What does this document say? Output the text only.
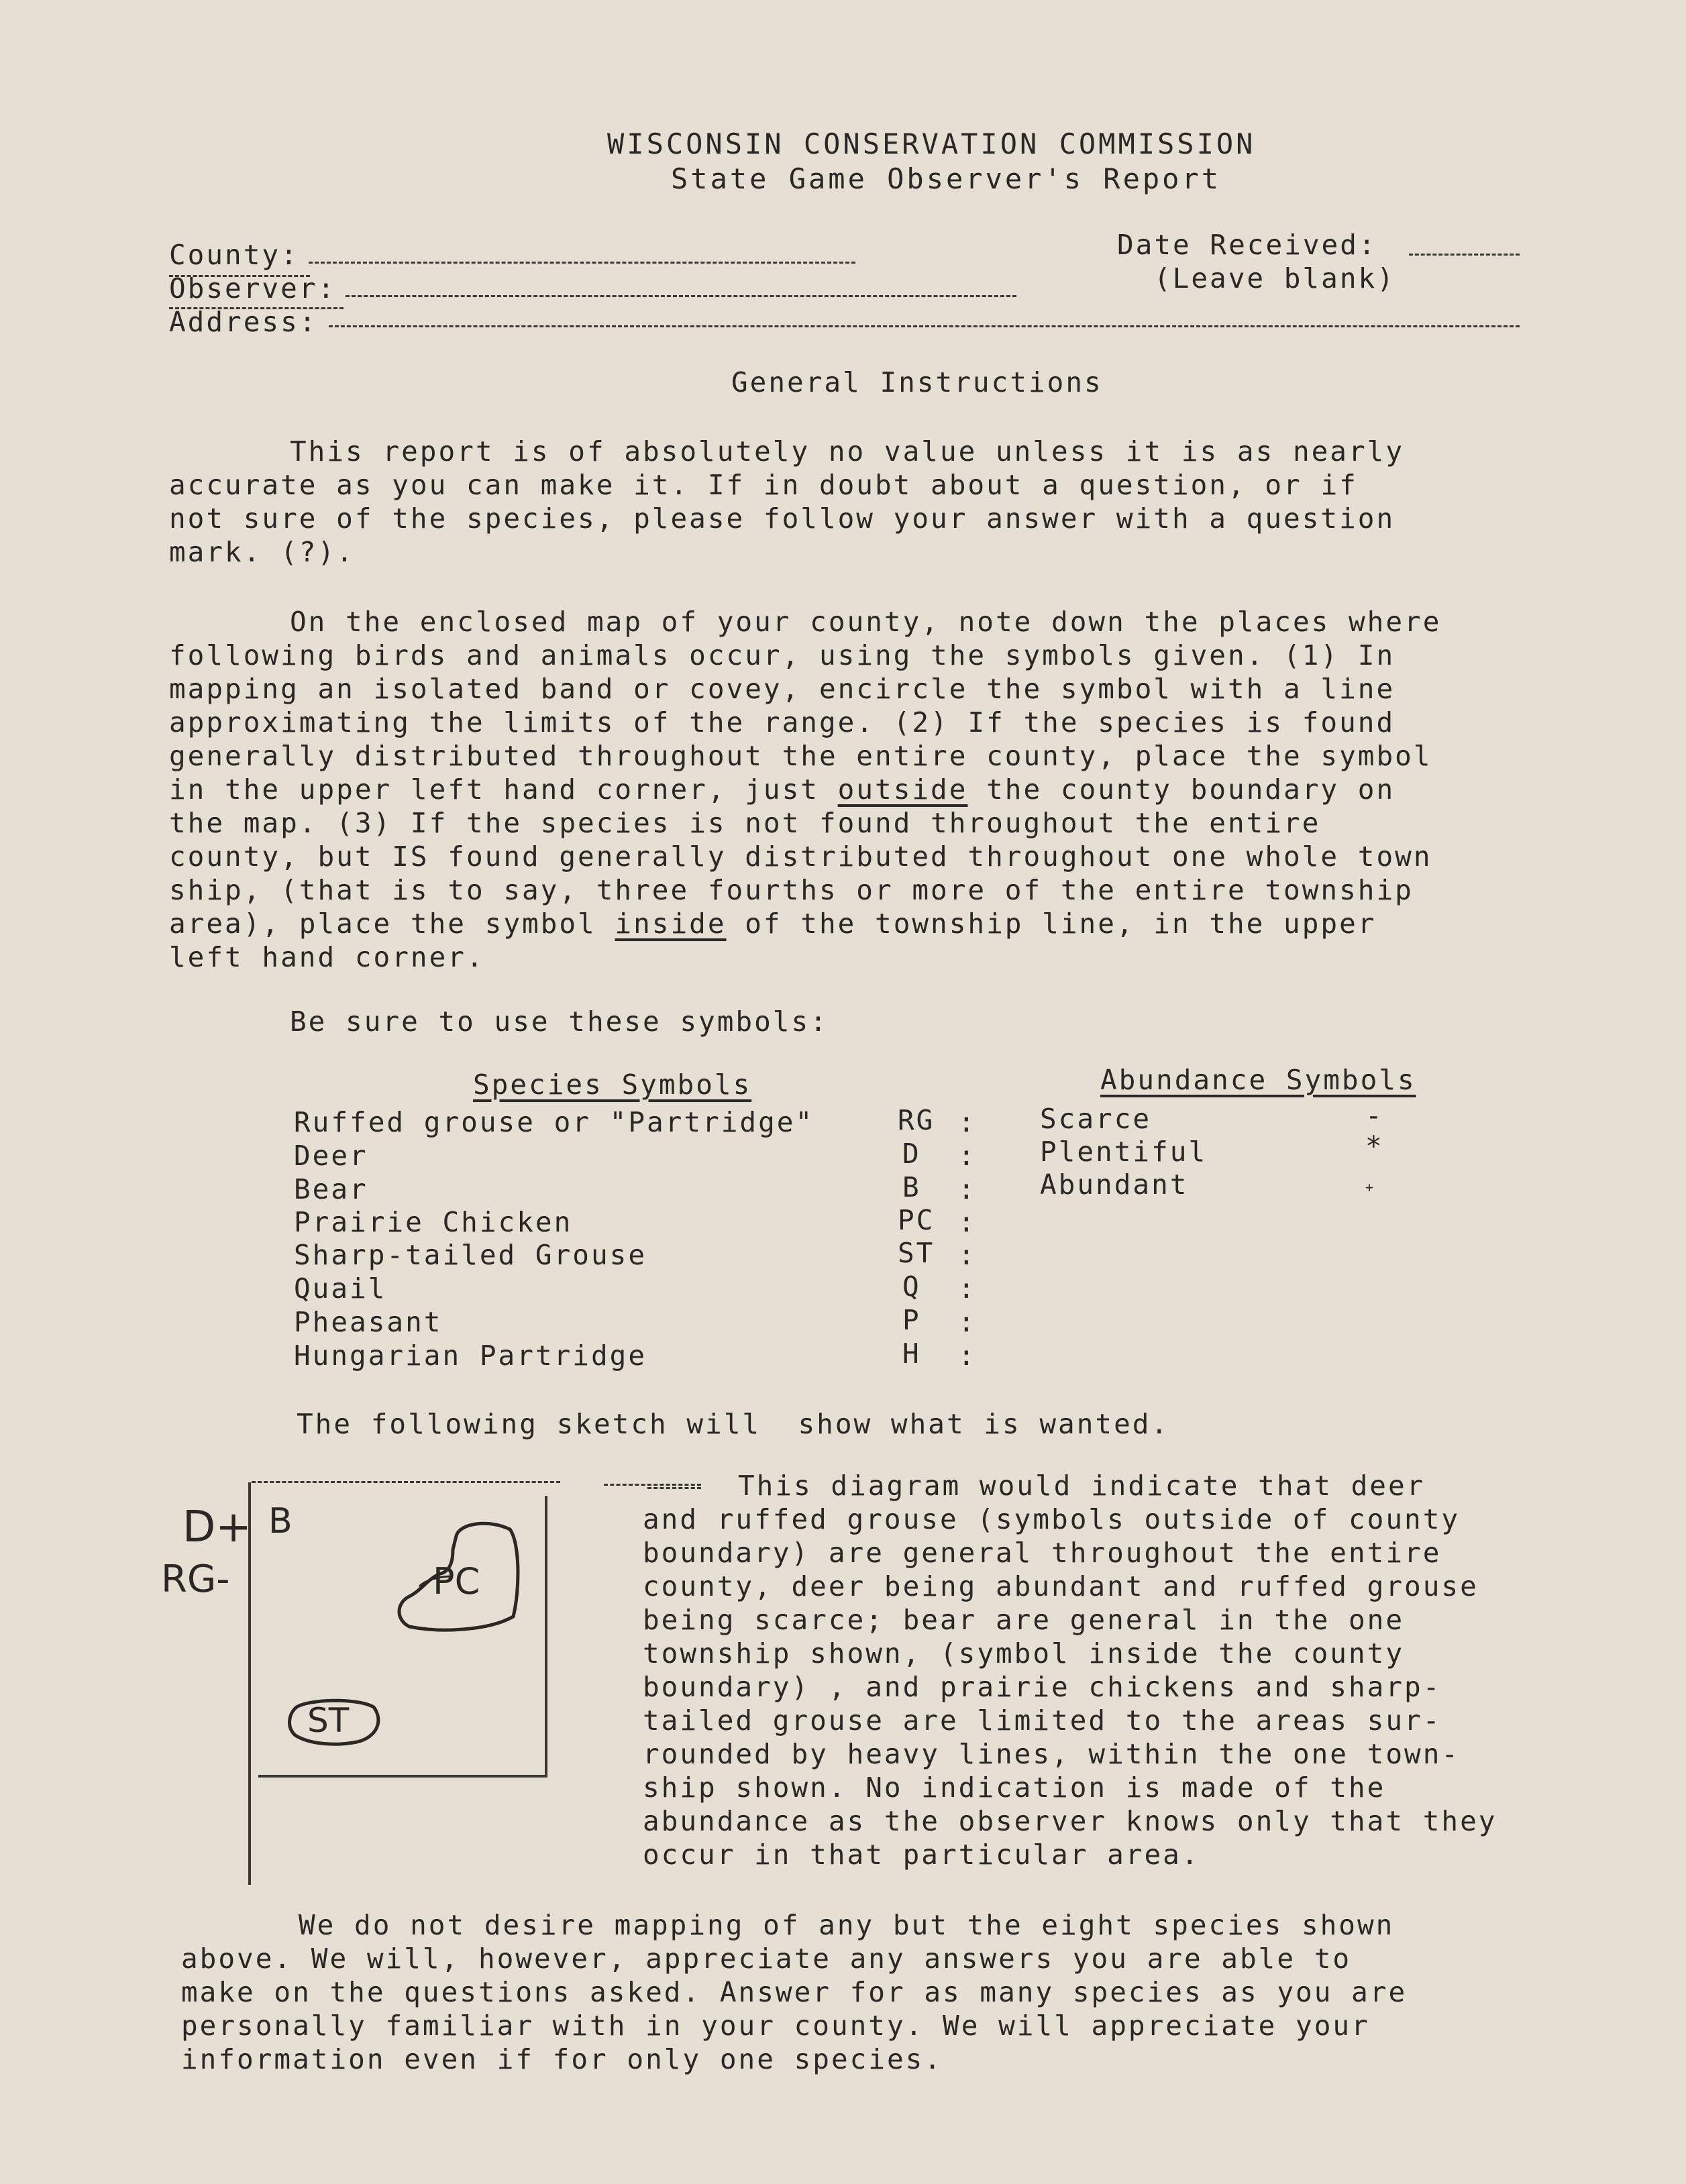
WISCONSIN CONSERVATION COMMISSION
State Game Observer's Report
County:
Observer:
Address:
Date Received:
(Leave blank)
General Instructions

This report is of absolutely no value unless it is as nearly
accurate as you can make it. If in doubt about a question, or if
not sure of the species, please follow your answer with a question
mark. (?).

On the enclosed map of your county, note down the places where
following birds and animals occur, using the symbols given. (1) In
mapping an isolated band or covey, encircle the symbol with a line
approximating the limits of the range. (2) If the species is found
generally distributed throughout the entire county, place the symbol
in the upper left hand corner, just outside the county boundary on
the map. (3) If the species is not found throughout the entire
county, but IS found generally distributed throughout one whole town
ship, (that is to say, three fourths or more of the entire township
area), place the symbol inside of the township line, in the upper
left hand corner.

Be sure to use these symbols:
Species Symbols	Abundance Symbols
Ruffed grouse or "Partridge"	RG :
Deer	D :
Bear	B :
Prairie Chicken	PC :
Sharp-tailed Grouse	ST :
Quail	Q :
Pheasant	P :
Hungarian Partridge	H :
Scarce	-
Plentiful	*
Abundant	+
The following sketch will  show what is wanted.
D+
RG-
B
PC
ST

This diagram would indicate that deer
and ruffed grouse (symbols outside of county
boundary) are general throughout the entire
county, deer being abundant and ruffed grouse
being scarce; bear are general in the one
township shown, (symbol inside the county
boundary) , and prairie chickens and sharp-
tailed grouse are limited to the areas sur-
rounded by heavy lines, within the one town-
ship shown. No indication is made of the
abundance as the observer knows only that they
occur in that particular area.

We do not desire mapping of any but the eight species shown
above. We will, however, appreciate any answers you are able to
make on the questions asked. Answer for as many species as you are
personally familiar with in your county. We will appreciate your
information even if for only one species.
